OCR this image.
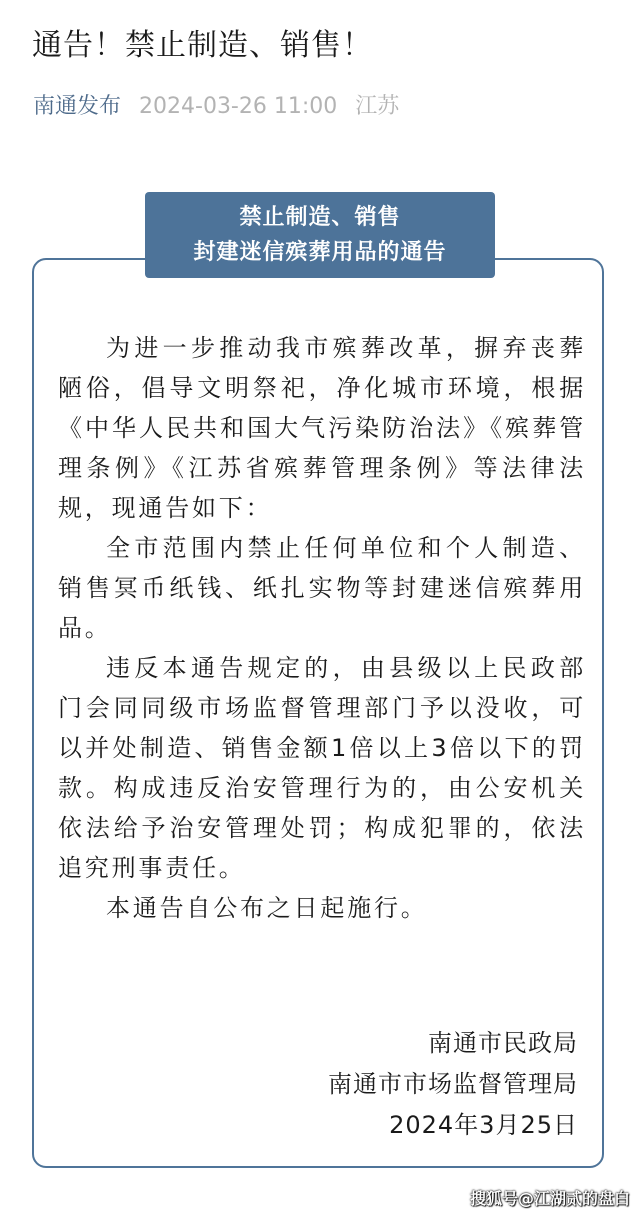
通告！禁止制造、销售！
南通发布 2024-03-26 11:00 江苏
禁止制造、销售
封建迷信殡葬用品的通告

为进一步推动我市殡葬改革，摒弃丧葬陋俗，倡导文明祭祀，净化城市环境，根据《中华人民共和国大气污染防治法》《殡葬管理条例》《江苏省殡葬管理条例》等法律法规，现通告如下：

全市范围内禁止任何单位和个人制造、销售冥币纸钱、纸扎实物等封建迷信殡葬用品。

违反本通告规定的，由县级以上民政部门会同同级市场监督管理部门予以没收，可以并处制造、销售金额1倍以上3倍以下的罚款。构成违反治安管理行为的，由公安机关依法给予治安管理处罚；构成犯罪的，依法追究刑事责任。

本通告自公布之日起施行。

南通市民政局
南通市市场监督管理局
2024年3月25日
搜狐号@江湖贰的盘白
